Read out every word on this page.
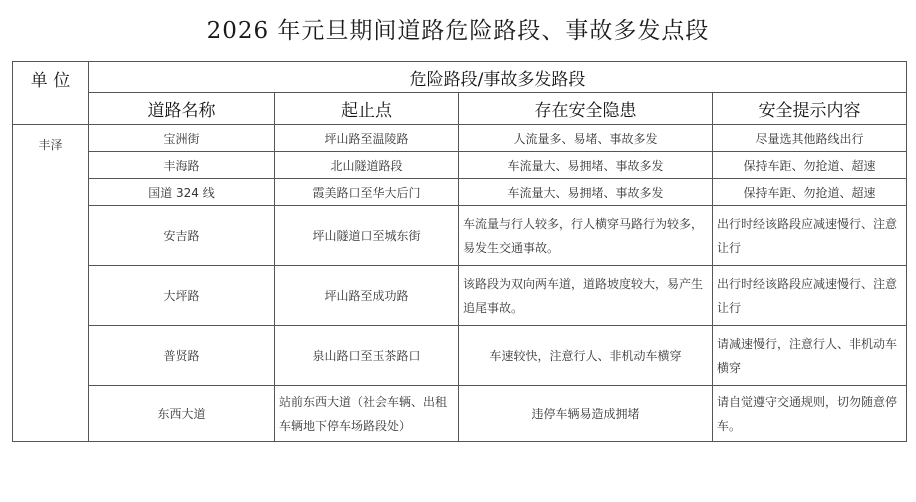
2026 年元旦期间道路危险路段、事故多发点段
单 位	危险路段/事故多发路段			
	道路名称	起止点	存在安全隐患	安全提示内容
丰泽	宝洲街	坪山路至温陵路	人流量多、易堵、事故多发	尽量选其他路线出行
	丰海路	北山隧道路段	车流量大、易拥堵、事故多发	保持车距、勿抢道、超速
	国道 324 线	霞美路口至华大后门	车流量大、易拥堵、事故多发	保持车距、勿抢道、超速
	安吉路	坪山隧道口至城东街	车流量与行人较多，行人横穿马路行为较多，易发生交通事故。	出行时经该路段应减速慢行、注意让行
	大坪路	坪山路至成功路	该路段为双向两车道，道路坡度较大，易产生追尾事故。	出行时经该路段应减速慢行、注意让行
	普贤路	泉山路口至玉茶路口	车速较快，注意行人、非机动车横穿	请减速慢行，注意行人、非机动车横穿
	东西大道	站前东西大道（社会车辆、出租车辆地下停车场路段处）	违停车辆易造成拥堵	请自觉遵守交通规则，切勿随意停车。
